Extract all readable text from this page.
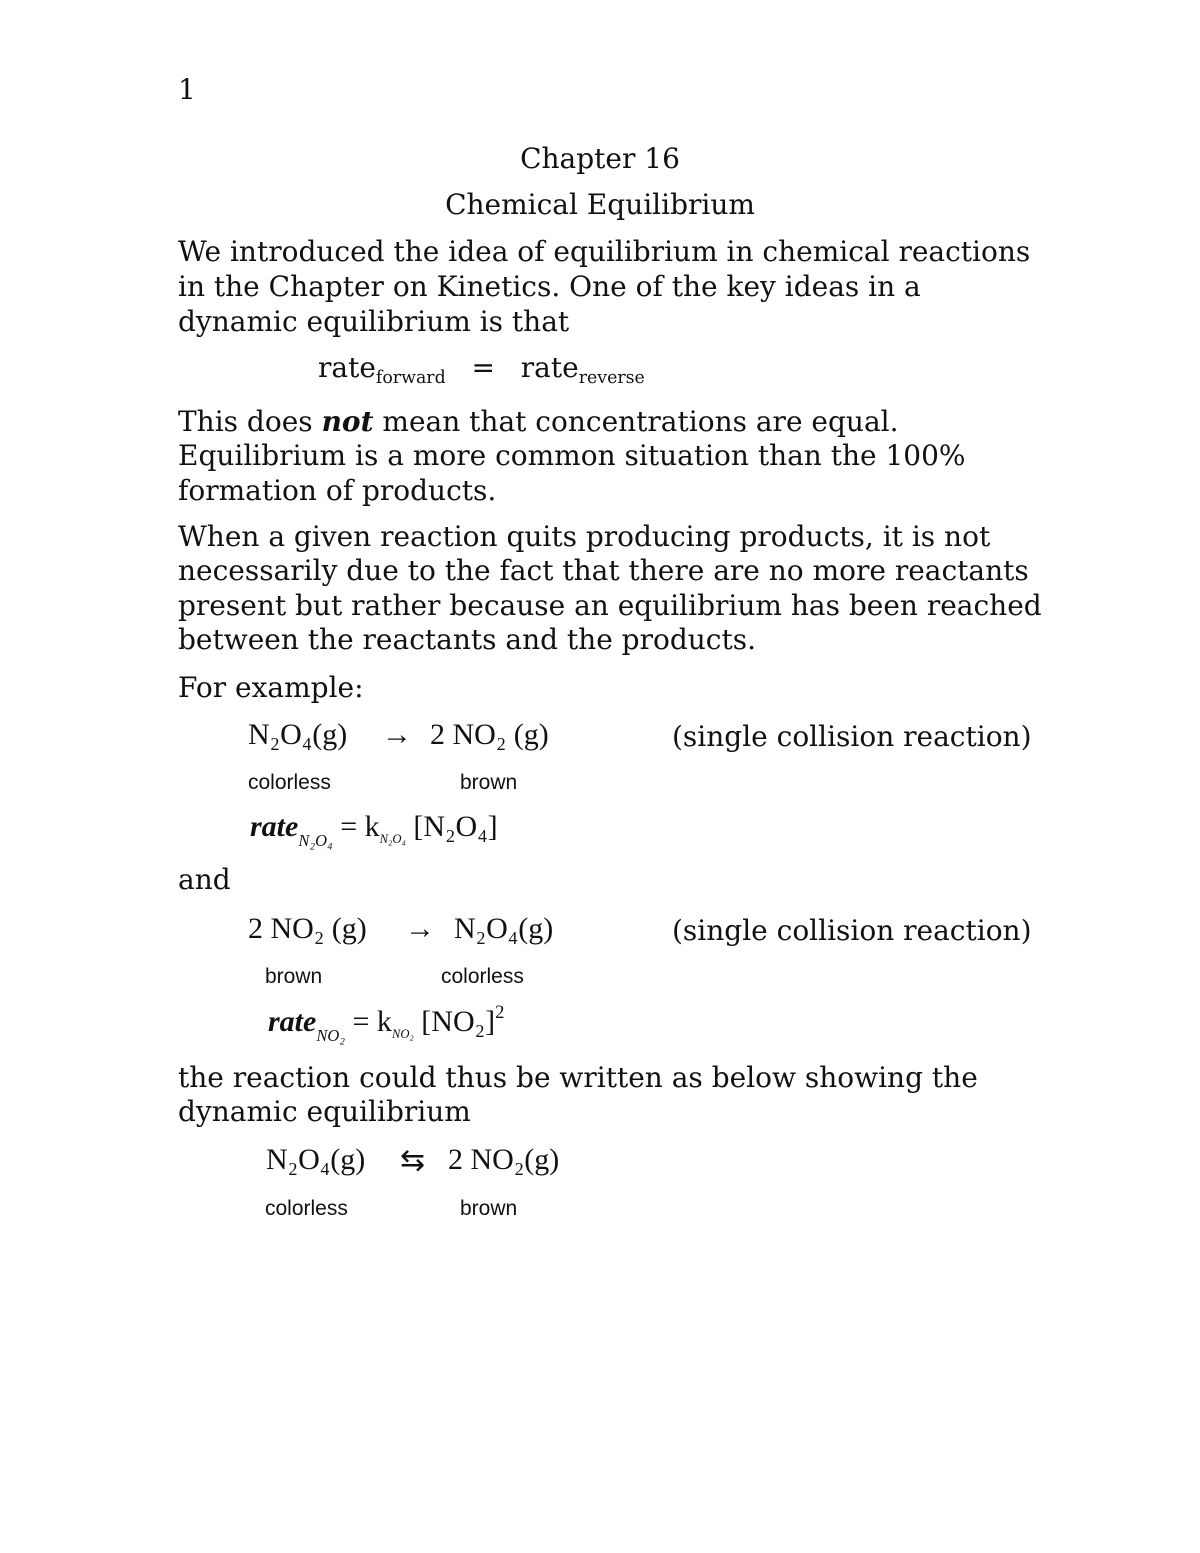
1
Chapter 16
Chemical Equilibrium
We introduced the idea of equilibrium in chemical reactions
in the Chapter on Kinetics. One of the key ideas in a
dynamic equilibrium is that
rate$_{forward}$ = rate$_{reverse}$
This does not mean that concentrations are equal.
Equilibrium is a more common situation than the 100%
formation of products.
When a given reaction quits producing products, it is not
necessarily due to the fact that there are no more reactants
present but rather because an equilibrium has been reached
between the reactants and the products.
For example:
N₂O₄(g) → 2 NO₂ (g)	(single collision reaction)
colorless	brown
rate$_{N_2O_4}$ = $k_{N_2O_4}$ [N₂O₄]
and
2 NO₂ (g) → N₂O₄(g)	(single collision reaction)
brown	colorless
rate$_{NO_2}$ = $k_{NO_2}$ $[NO_2]^2$
the reaction could thus be written as below showing the
dynamic equilibrium
N₂O₄(g) ⇆ 2 NO₂(g)
colorless	brown
